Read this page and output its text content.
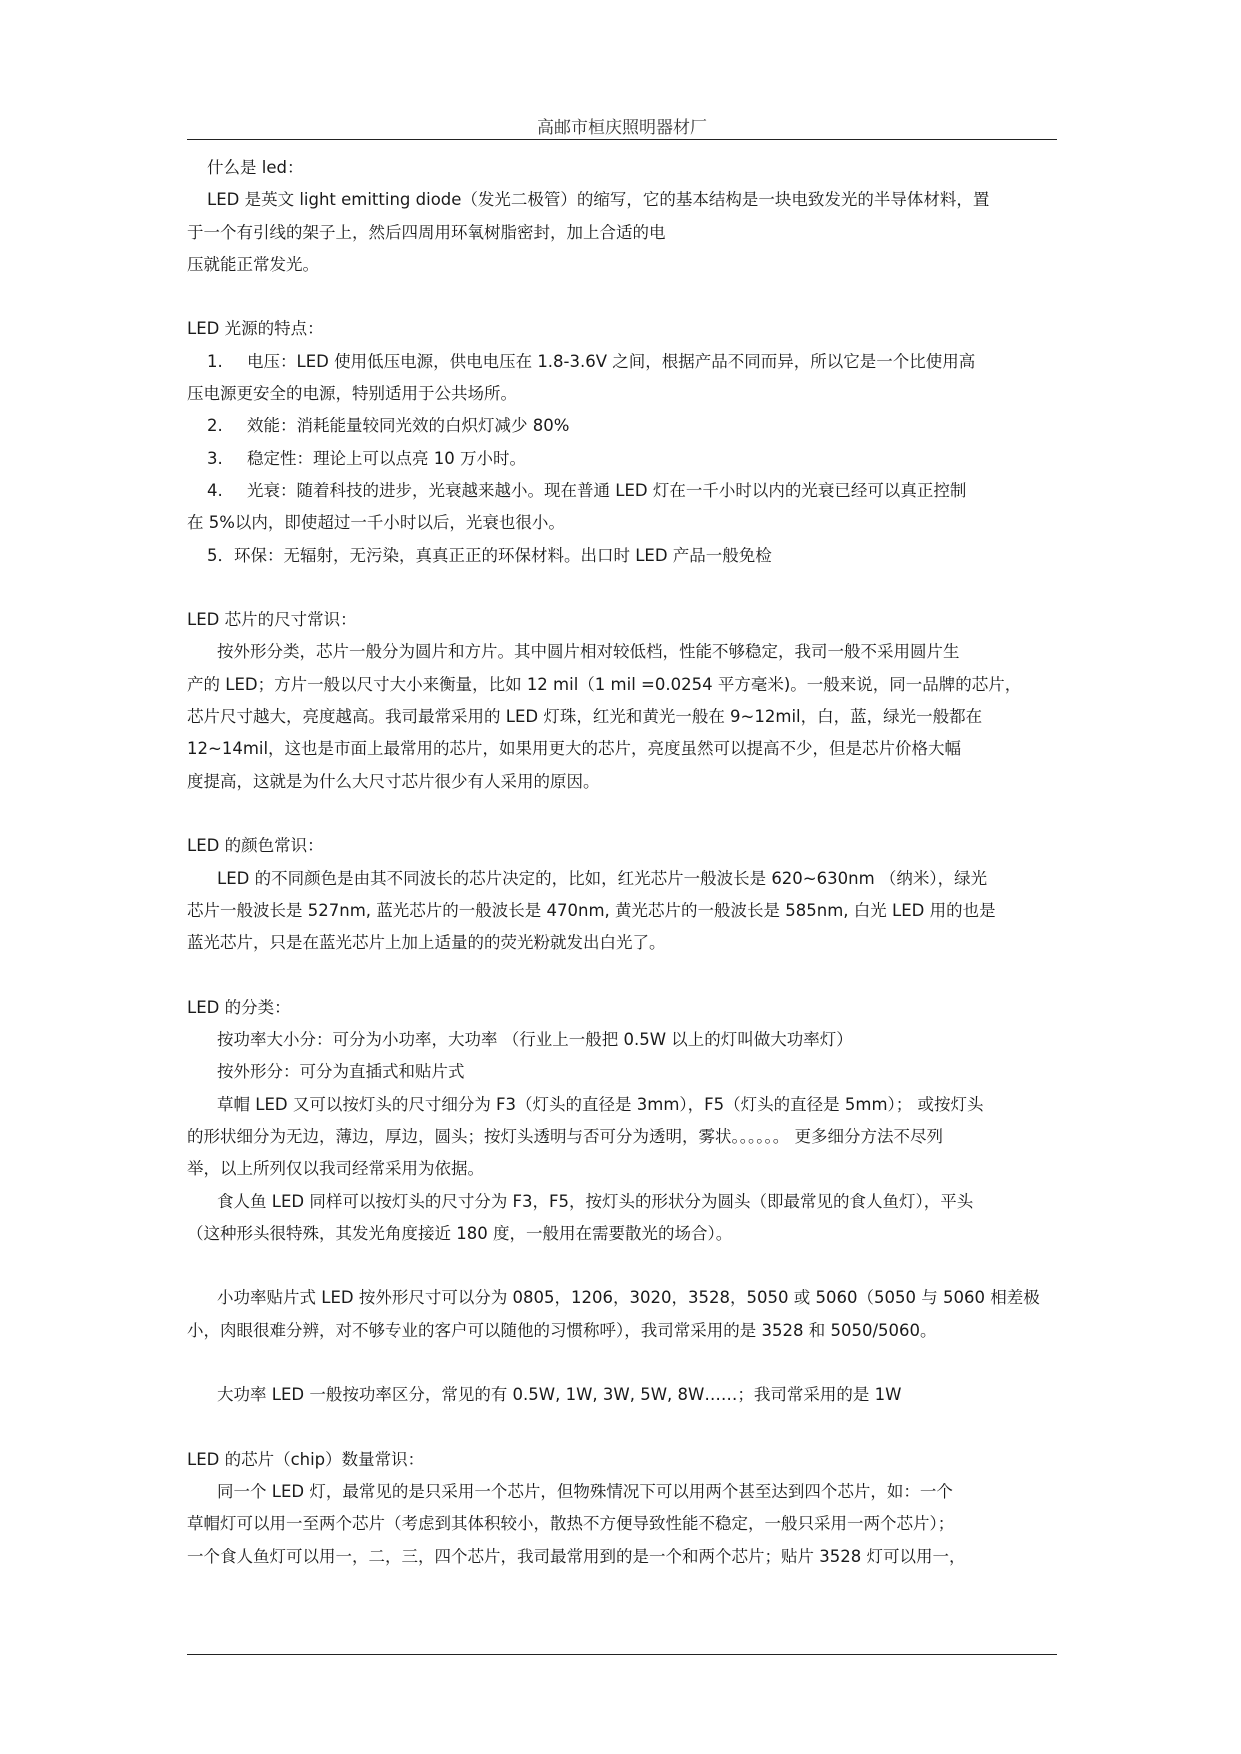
高邮市桓庆照明器材厂

什么是 led：

LED 是英文 light emitting diode（发光二极管）的缩写，它的基本结构是一块电致发光的半导体材料，置

于一个有引线的架子上，然后四周用环氧树脂密封，加上合适的电

压就能正常发光。

LED 光源的特点：

1. 电压：LED 使用低压电源，供电电压在 1.8-3.6V 之间，根据产品不同而异，所以它是一个比使用高

压电源更安全的电源，特别适用于公共场所。

2. 效能：消耗能量较同光效的白炽灯减少 80%

3. 稳定性：理论上可以点亮 10 万小时。

4. 光衰：随着科技的进步，光衰越来越小。现在普通 LED 灯在一千小时以内的光衰已经可以真正控制

在 5%以内，即使超过一千小时以后，光衰也很小。

5．环保：无辐射，无污染，真真正正的环保材料。出口时 LED 产品一般免检

LED 芯片的尺寸常识：

按外形分类，芯片一般分为圆片和方片。其中圆片相对较低档，性能不够稳定，我司一般不采用圆片生

产的 LED；方片一般以尺寸大小来衡量，比如 12 mil（1 mil =0.0254 平方毫米)。一般来说，同一品牌的芯片，

芯片尺寸越大，亮度越高。我司最常采用的 LED 灯珠，红光和黄光一般在 9~12mil，白，蓝，绿光一般都在

12~14mil，这也是市面上最常用的芯片，如果用更大的芯片，亮度虽然可以提高不少，但是芯片价格大幅

度提高，这就是为什么大尺寸芯片很少有人采用的原因。

LED 的颜色常识：

LED 的不同颜色是由其不同波长的芯片决定的，比如，红光芯片一般波长是 620~630nm （纳米），绿光

芯片一般波长是 527nm, 蓝光芯片的一般波长是 470nm, 黄光芯片的一般波长是 585nm, 白光 LED 用的也是

蓝光芯片，只是在蓝光芯片上加上适量的的荧光粉就发出白光了。

LED 的分类：

按功率大小分：可分为小功率，大功率 （行业上一般把 0.5W 以上的灯叫做大功率灯）

按外形分：可分为直插式和贴片式

草帽 LED 又可以按灯头的尺寸细分为 F3（灯头的直径是 3mm），F5（灯头的直径是 5mm）； 或按灯头

的形状细分为无边，薄边，厚边，圆头；按灯头透明与否可分为透明，雾状。。。。。。 更多细分方法不尽列

举，以上所列仅以我司经常采用为依据。

食人鱼 LED 同样可以按灯头的尺寸分为 F3，F5，按灯头的形状分为圆头（即最常见的食人鱼灯），平头

（这种形头很特殊，其发光角度接近 180 度，一般用在需要散光的场合）。

小功率贴片式 LED 按外形尺寸可以分为 0805，1206，3020，3528，5050 或 5060（5050 与 5060 相差极

小，肉眼很难分辨，对不够专业的客户可以随他的习惯称呼），我司常采用的是 3528 和 5050/5060。

大功率 LED 一般按功率区分，常见的有 0.5W, 1W, 3W, 5W, 8W……；我司常采用的是 1W

LED 的芯片（chip）数量常识：

同一个 LED 灯，最常见的是只采用一个芯片，但物殊情况下可以用两个甚至达到四个芯片，如：一个

草帽灯可以用一至两个芯片（考虑到其体积较小，散热不方便导致性能不稳定，一般只采用一两个芯片）；

一个食人鱼灯可以用一，二，三，四个芯片，我司最常用到的是一个和两个芯片；贴片 3528 灯可以用一，
